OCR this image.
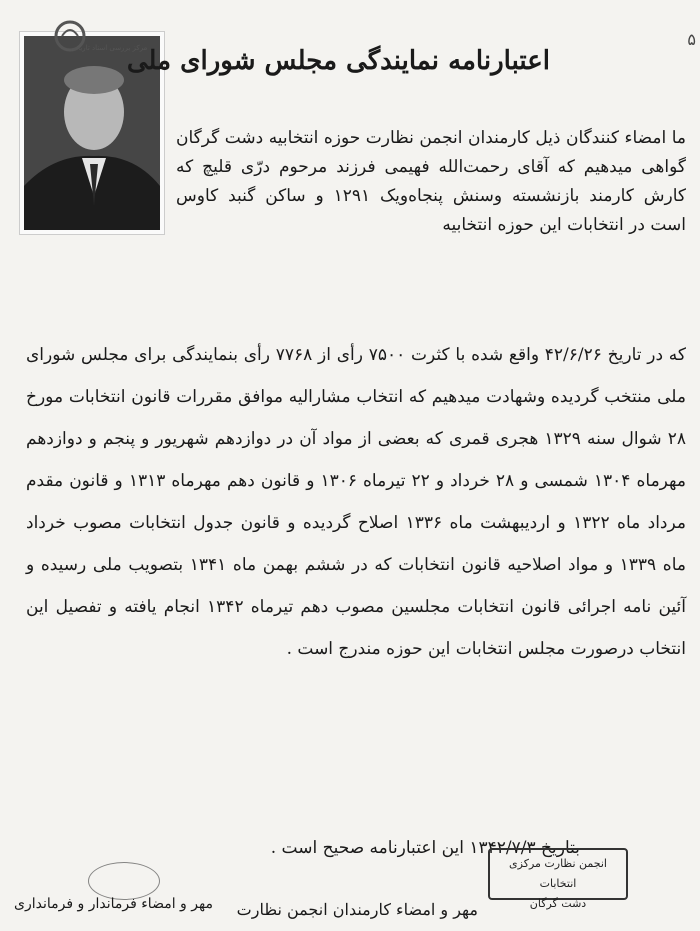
۵
مرکز بررسی اسناد تاریخی
اعتبارنامه نمایندگی مجلس شورای ملی
ما امضاء کنندگان ذیل کارمندان انجمن نظارت حوزه انتخابیه دشت گرگان گواهی میدهیم که آقای رحمت‌الله فهیمی فرزند مرحوم درّی قلیچ که کارش کارمند بازنشسته وسنش پنجاه‌ویک ۱۲۹۱ و ساکن گنبد کاوس است در انتخابات این حوزه انتخابیه
که در تاریخ ۴۲/۶/۲۶ واقع شده با کثرت ۷۵۰۰ رأی از ۷۷۶۸ رأی بنمایندگی برای مجلس شورای ملی منتخب گردیده وشهادت میدهیم که انتخاب مشارالیه موافق مقررات قانون انتخابات مورخ ۲۸ شوال سنه ۱۳۲۹ هجری قمری که بعضی از مواد آن در دوازدهم شهریور و پنجم و دوازدهم مهرماه ۱۳۰۴ شمسی و ۲۸ خرداد و ۲۲ تیرماه ۱۳۰۶ و قانون دهم مهرماه ۱۳۱۳ و قانون مقدم مرداد ماه ۱۳۲۲ و اردیبهشت ماه ۱۳۳۶ اصلاح گردیده و قانون جدول انتخابات مصوب خرداد ماه ۱۳۳۹ و مواد اصلاحیه قانون انتخابات که در ششم بهمن ماه ۱۳۴۱ بتصویب ملی رسیده و آئین نامه اجرائی قانون انتخابات مجلسین مصوب دهم تیرماه ۱۳۴۲ انجام یافته و تفصیل این انتخاب درصورت مجلس انتخابات این حوزه مندرج است .
بتاریخ ۱۳۴۲/۷/۳ این اعتبارنامه صحیح است .
انجمن نظارت مرکزی انتخابات
دشت گرگان
مهر و امضاء کارمندان انجمن نظارت
مهر و امضاء فرماندار و فرمانداری
